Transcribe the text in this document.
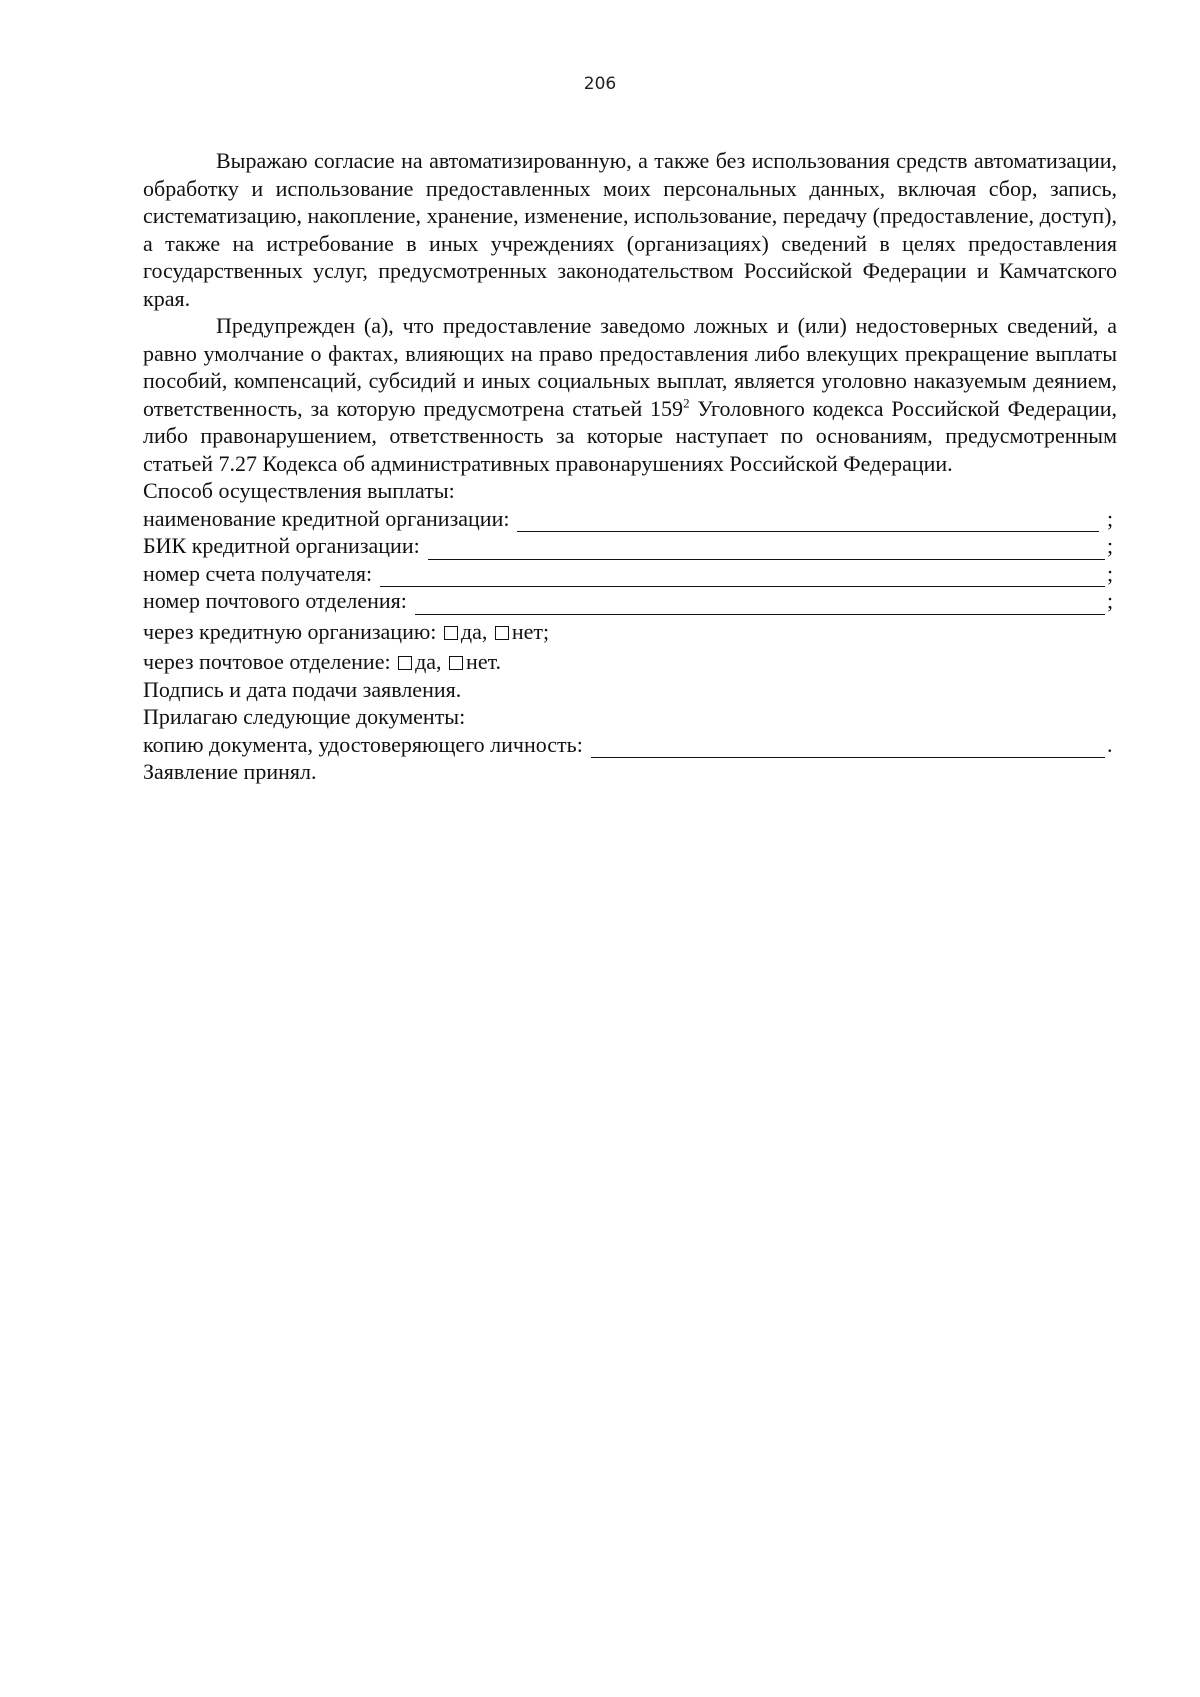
206

Выражаю согласие на автоматизированную, а также без использования средств автоматизации, обработку и использование предоставленных моих персональных данных, включая сбор, запись, систематизацию, накопление, хранение, изменение, использование, передачу (предоставление, доступ), а также на истребование в иных учреждениях (организациях) сведений в целях предоставления государственных услуг, предусмотренных законодательством Российской Федерации и Камчатского края.

Предупрежден (а), что предоставление заведомо ложных и (или) недостоверных сведений, а равно умолчание о фактах, влияющих на право предоставления либо влекущих прекращение выплаты пособий, компенсаций, субсидий и иных социальных выплат, является уголовно наказуемым деянием, ответственность, за которую предусмотрена статьей $159^2$ Уголовного кодекса Российской Федерации, либо правонарушением, ответственность за которые наступает по основаниям, предусмотренным статьей 7.27 Кодекса об административных правонарушениях Российской Федерации.

Способ осуществления выплаты:

наименование кредитной организации:	;
БИК кредитной организации:	;
номер счета получателя:	;
номер почтового отделения:	;

через кредитную организацию: да, нет;

через почтовое отделение: да, нет.

Подпись и дата подачи заявления.

Прилагаю следующие документы:

копию документа, удостоверяющего личность:	.

Заявление принял.
